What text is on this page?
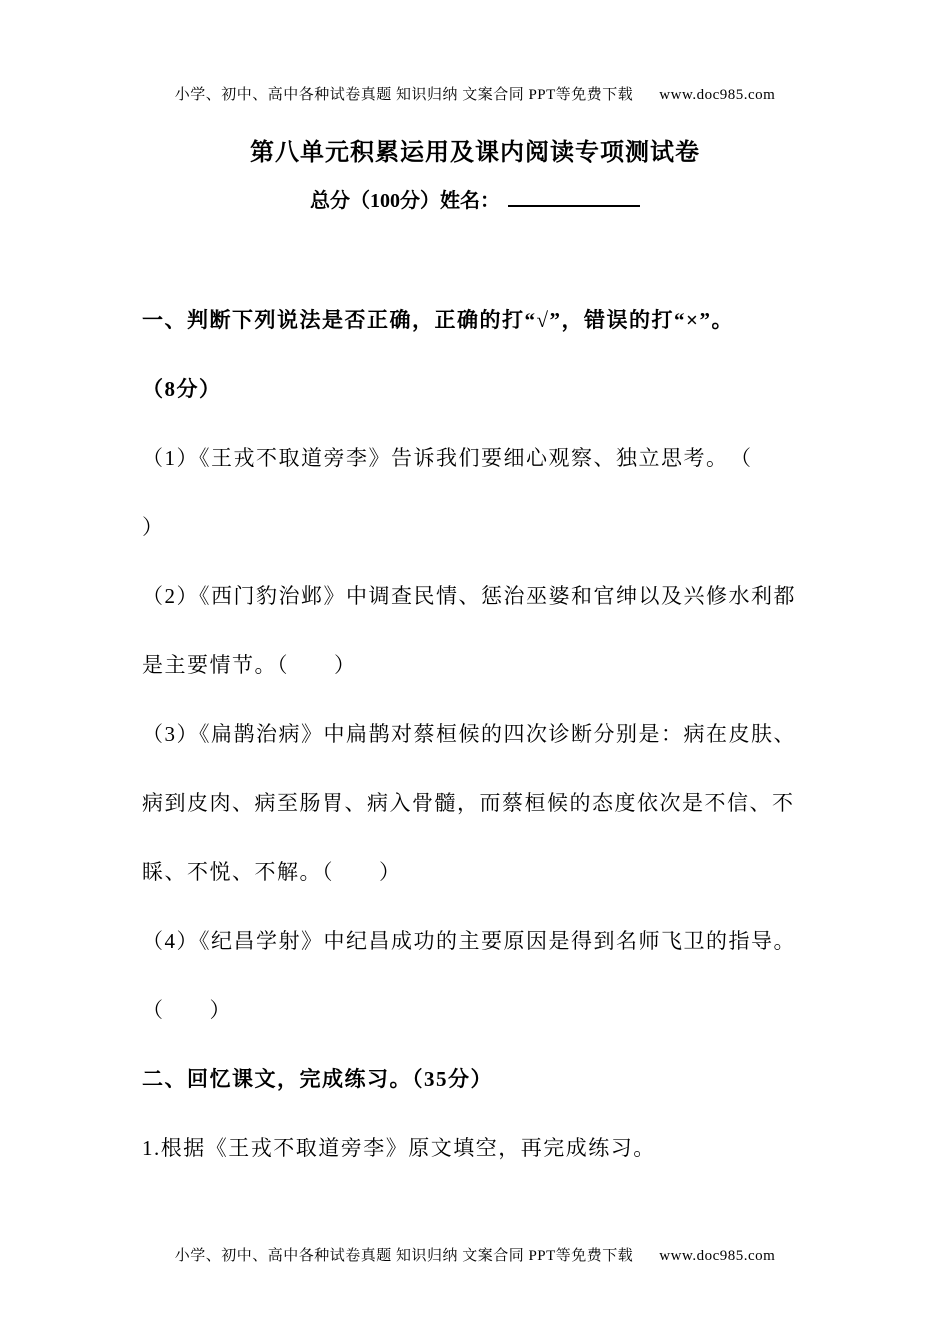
小学、初中、高中各种试卷真题 知识归纳 文案合同 PPT等免费下载 www.doc985.com
第八单元积累运用及课内阅读专项测试卷
总分（100分）姓名：
一、判断下列说法是否正确，正确的打“√”，错误的打“×”。
（8分）
（1）《王戎不取道旁李》告诉我们要细心观察、独立思考。　（
）
（2）《西门豹治邺》中调查民情、惩治巫婆和官绅以及兴修水利都
是主要情节。（　　）
（3）《扁鹊治病》中扁鹊对蔡桓候的四次诊断分别是：病在皮肤、
病到皮肉、病至肠胃、病入骨髓，而蔡桓候的态度依次是不信、不
睬、不悦、不解。（　　）
（4）《纪昌学射》中纪昌成功的主要原因是得到名师飞卫的指导。
（　　）
二、回忆课文，完成练习。（35分）
1.根据《王戎不取道旁李》原文填空，再完成练习。
小学、初中、高中各种试卷真题 知识归纳 文案合同 PPT等免费下载 www.doc985.com
